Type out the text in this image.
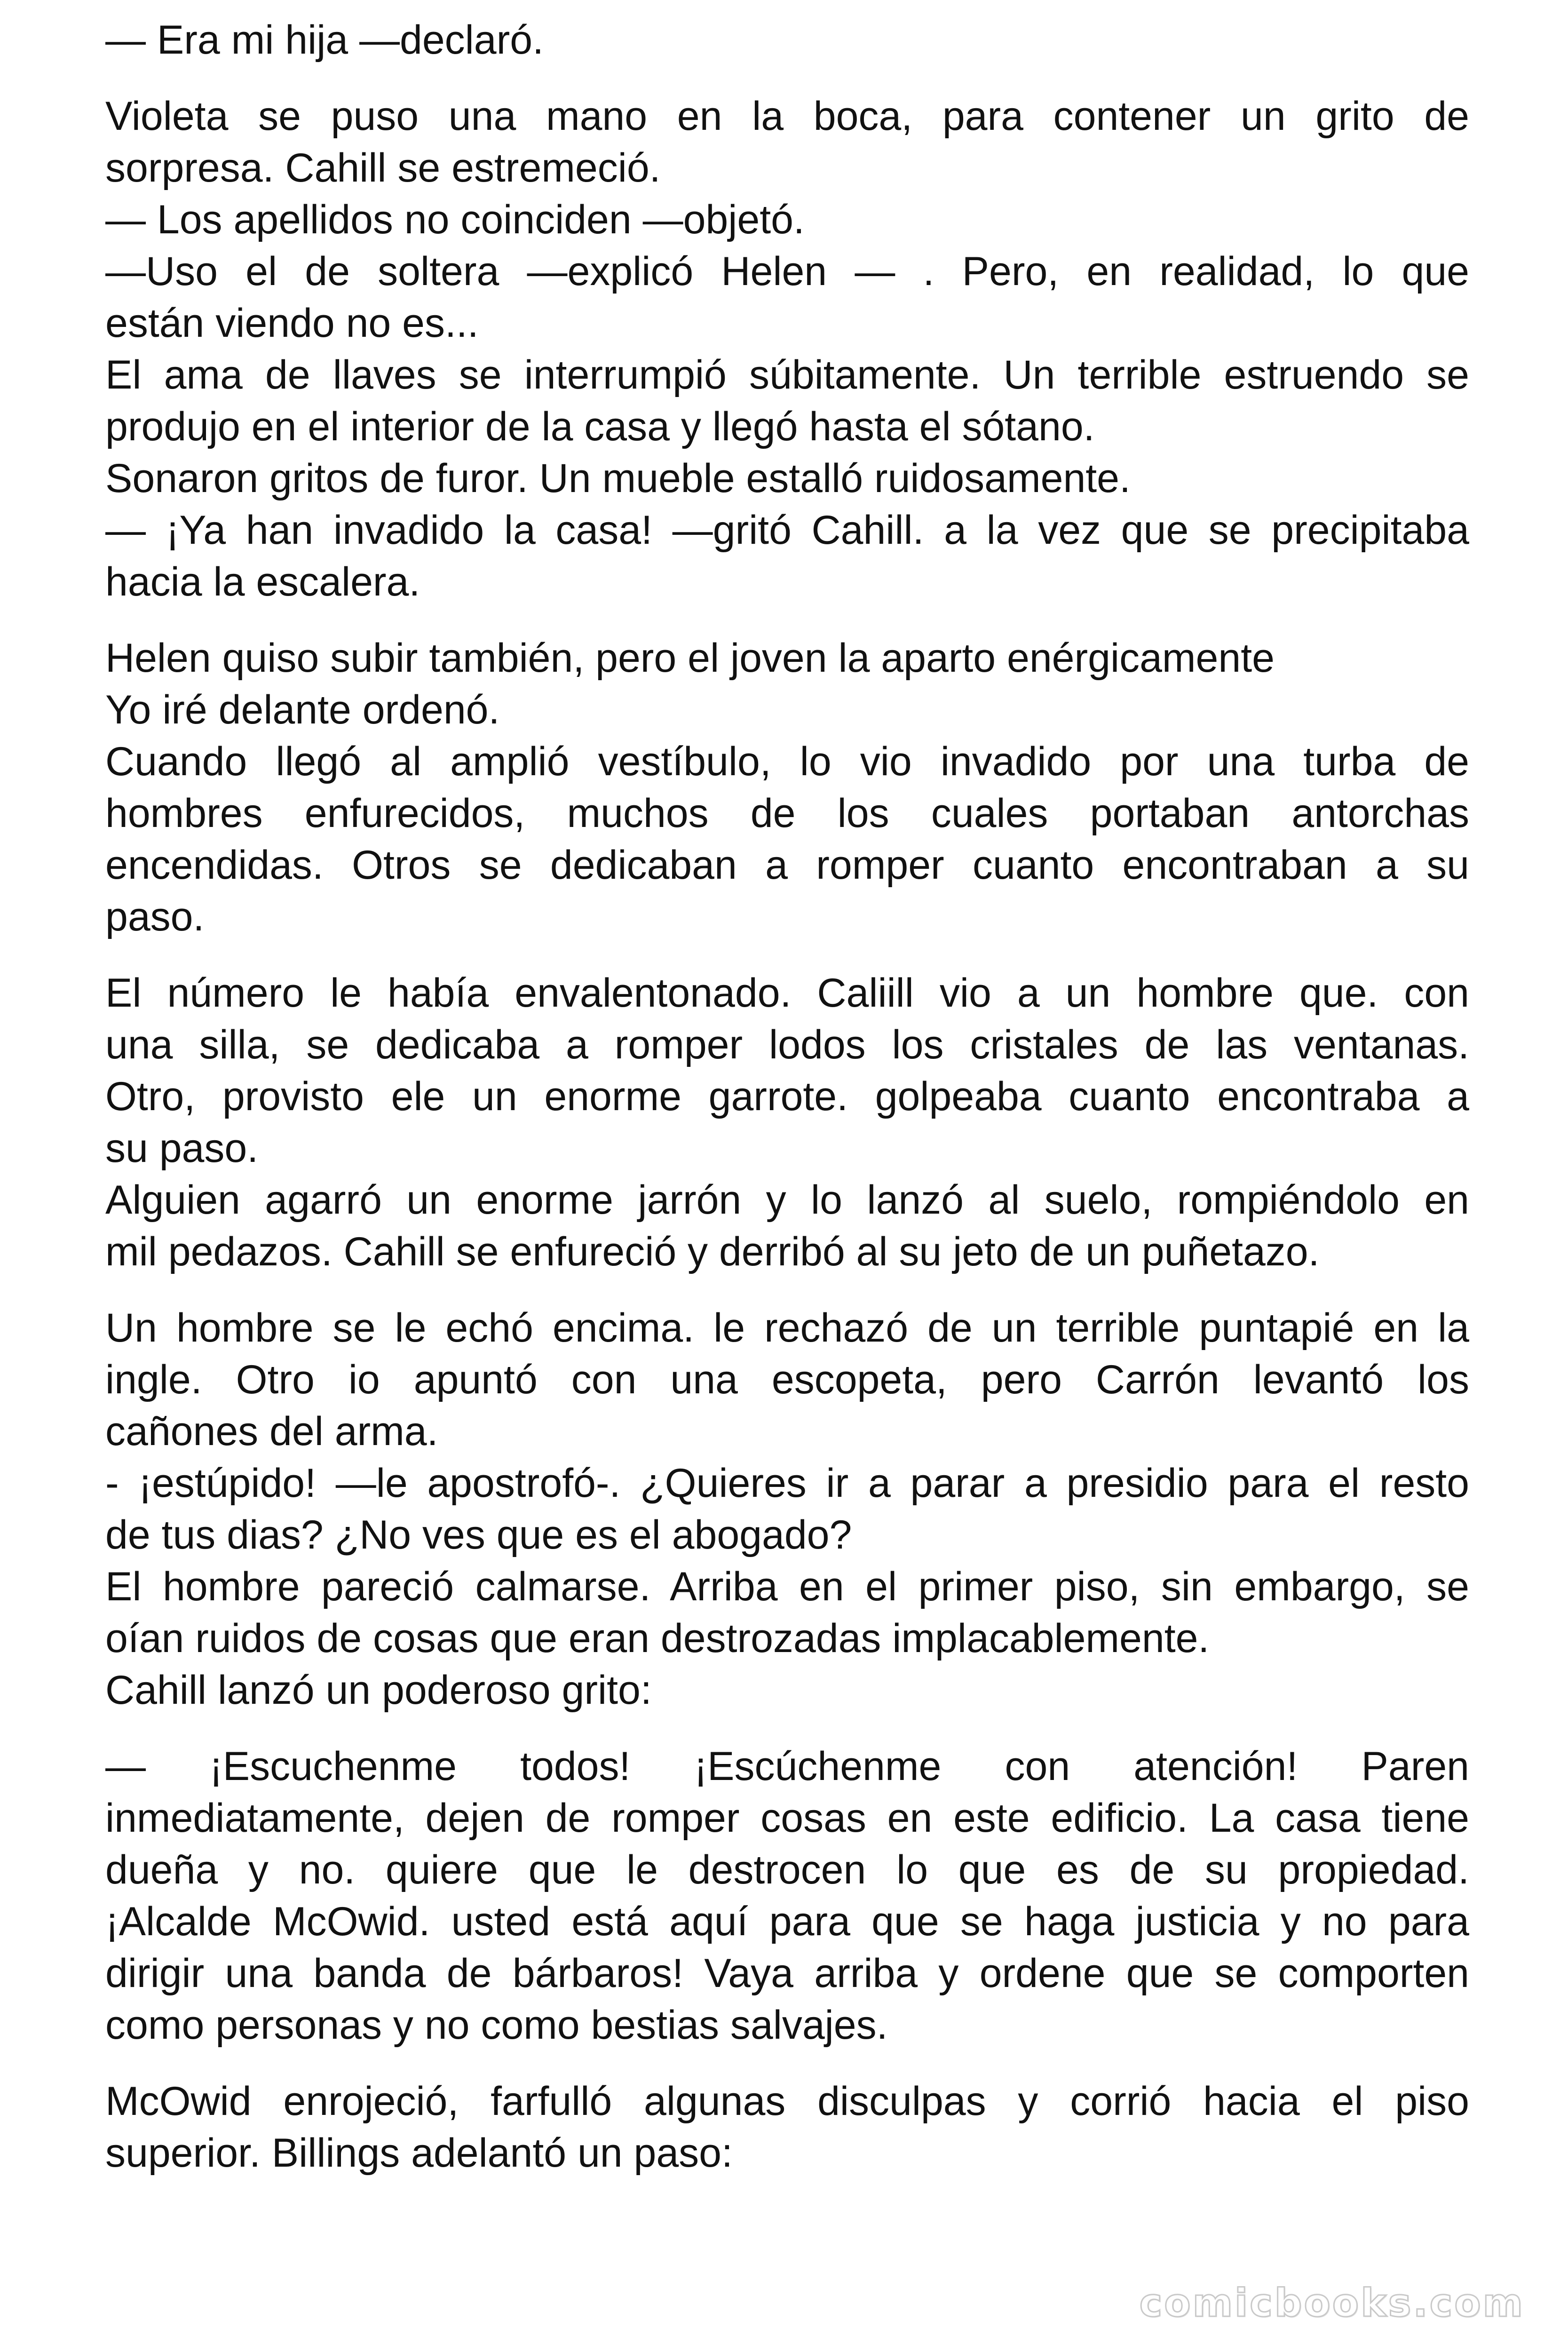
— Era mi hija —declaró.
Violeta se puso una mano en la boca, para contener un grito de
sorpresa. Cahill se estremeció.
— Los apellidos no coinciden —objetó.
—Uso el de soltera —explicó Helen — . Pero, en realidad, lo que
están viendo no es...
El ama de llaves se interrumpió súbitamente. Un terrible estruendo se
produjo en el interior de la casa y llegó hasta el sótano.
Sonaron gritos de furor. Un mueble estalló ruidosamente.
— ¡Ya han invadido la casa! —gritó Cahill. a la vez que se precipitaba
hacia la escalera.
Helen quiso subir también, pero el joven la aparto enérgicamente
Yo iré delante ordenó.
Cuando llegó al amplió vestíbulo, lo vio invadido por una turba de
hombres enfurecidos, muchos de los cuales portaban antorchas
encendidas. Otros se dedicaban a romper cuanto encontraban a su
paso.
El número le había envalentonado. Caliill vio a un hombre que. con
una silla, se dedicaba a romper lodos los cristales de las ventanas.
Otro, provisto ele un enorme garrote. golpeaba cuanto encontraba a
su paso.
Alguien agarró un enorme jarrón y lo lanzó al suelo, rompiéndolo en
mil pedazos. Cahill se enfureció y derribó al su jeto de un puñetazo.
Un hombre se le echó encima. le rechazó de un terrible puntapié en la
ingle. Otro io apuntó con una escopeta, pero Carrón levantó los
cañones del arma.
- ¡estúpido! —le apostrofó-. ¿Quieres ir a parar a presidio para el resto
de tus dias? ¿No ves que es el abogado?
El hombre pareció calmarse. Arriba en el primer piso, sin embargo, se
oían ruidos de cosas que eran destrozadas implacablemente.
Cahill lanzó un poderoso grito:
— ¡Escuchenme todos! ¡Escúchenme con atención! Paren
inmediatamente, dejen de romper cosas en este edificio. La casa tiene
dueña y no. quiere que le destrocen lo que es de su propiedad.
¡Alcalde McOwid. usted está aquí para que se haga justicia y no para
dirigir una banda de bárbaros! Vaya arriba y ordene que se comporten
como personas y no como bestias salvajes.
McOwid enrojeció, farfulló algunas disculpas y corrió hacia el piso
superior. Billings adelantó un paso:
comicbooks.com
